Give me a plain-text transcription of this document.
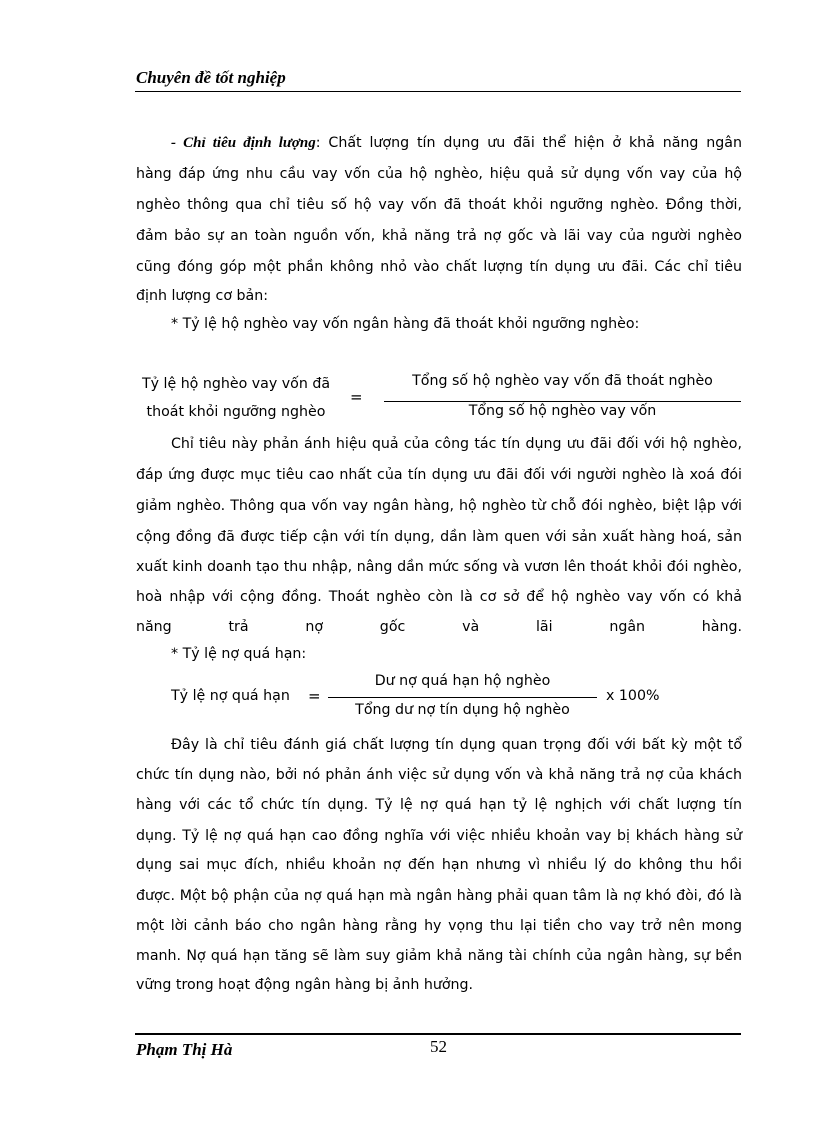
Chuyên đề tốt nghiệp
- Chỉ tiêu định lượng: Chất lượng tín dụng ưu đãi thể hiện ở khả năng ngân
hàng đáp ứng nhu cầu vay vốn của hộ nghèo, hiệu quả sử dụng vốn vay của hộ
nghèo thông qua chỉ tiêu số hộ vay vốn đã thoát khỏi ngưỡng nghèo. Đồng thời,
đảm bảo sự an toàn nguồn vốn, khả năng trả nợ gốc và lãi vay của người nghèo
cũng đóng góp một phần không nhỏ vào chất lượng tín dụng ưu đãi. Các chỉ tiêu
định lượng cơ bản:
* Tỷ lệ hộ nghèo vay vốn ngân hàng đã thoát khỏi ngưỡng nghèo:
Tỷ lệ hộ nghèo vay vốn đã
thoát khỏi ngưỡng nghèo
=
Tổng số hộ nghèo vay vốn đã thoát nghèo
Tổng số hộ nghèo vay vốn
Chỉ tiêu này phản ánh hiệu quả của công tác tín dụng ưu đãi đối với hộ nghèo,
đáp ứng được mục tiêu cao nhất của tín dụng ưu đãi đối với người nghèo là xoá đói
giảm nghèo. Thông qua vốn vay ngân hàng, hộ nghèo từ chỗ đói nghèo, biệt lập với
cộng đồng đã được tiếp cận với tín dụng, dần làm quen với sản xuất hàng hoá, sản
xuất kinh doanh tạo thu nhập, nâng dần mức sống và vươn lên thoát khỏi đói nghèo,
hoà nhập với cộng đồng. Thoát nghèo còn là cơ sở để hộ nghèo vay vốn có khả
năng trả nợ gốc và lãi ngân hàng.
* Tỷ lệ nợ quá hạn:
Tỷ lệ nợ quá hạn =
Dư nợ quá hạn hộ nghèo
Tổng dư nợ tín dụng hộ nghèo
x 100%
Đây là chỉ tiêu đánh giá chất lượng tín dụng quan trọng đối với bất kỳ một tổ
chức tín dụng nào, bởi nó phản ánh việc sử dụng vốn và khả năng trả nợ của khách
hàng với các tổ chức tín dụng. Tỷ lệ nợ quá hạn tỷ lệ nghịch với chất lượng tín
dụng. Tỷ lệ nợ quá hạn cao đồng nghĩa với việc nhiều khoản vay bị khách hàng sử
dụng sai mục đích, nhiều khoản nợ đến hạn nhưng vì nhiều lý do không thu hồi
được. Một bộ phận của nợ quá hạn mà ngân hàng phải quan tâm là nợ khó đòi, đó là
một lời cảnh báo cho ngân hàng rằng hy vọng thu lại tiền cho vay trở nên mong
manh. Nợ quá hạn tăng sẽ làm suy giảm khả năng tài chính của ngân hàng, sự bền
vững trong hoạt động ngân hàng bị ảnh hưởng.
Phạm Thị Hà	52
